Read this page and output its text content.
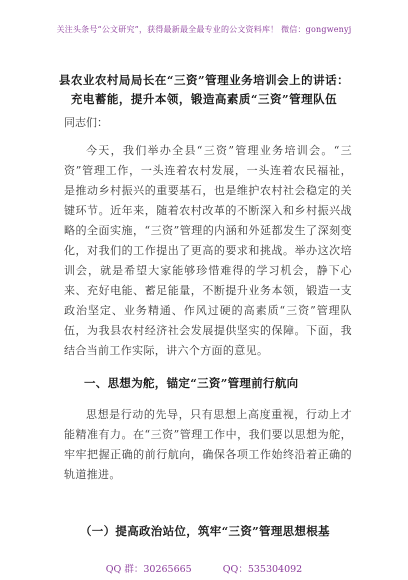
关注头条号“公文研究”，获得最新最全最专业的公文资料库！ 微信：gongwenyj
县农业农村局局长在“三资”管理业务培训会上的讲话：
充电蓄能，提升本领，锻造高素质“三资”管理队伍
同志们：
今天，我们举办全县“三资”管理业务培训会。“三资”管理工作，一头连着农村发展，一头连着农民福祉，是推动乡村振兴的重要基石，也是维护农村社会稳定的关键环节。近年来，随着农村改革的不断深入和乡村振兴战略的全面实施，“三资”管理的内涵和外延都发生了深刻变化，对我们的工作提出了更高的要求和挑战。举办这次培训会，就是希望大家能够珍惜难得的学习机会，静下心来、充好电能、蓄足能量，不断提升业务本领，锻造一支政治坚定、业务精通、作风过硬的高素质“三资”管理队伍，为我县农村经济社会发展提供坚实的保障。下面，我结合当前工作实际，讲六个方面的意见。
一、思想为舵，锚定“三资”管理前行航向
思想是行动的先导，只有思想上高度重视，行动上才能精准有力。在“三资”管理工作中，我们要以思想为舵，牢牢把握正确的前行航向，确保各项工作始终沿着正确的轨道推进。
（一）提高政治站位，筑牢“三资”管理思想根基
QQ 群：30265665	QQ：535304092
